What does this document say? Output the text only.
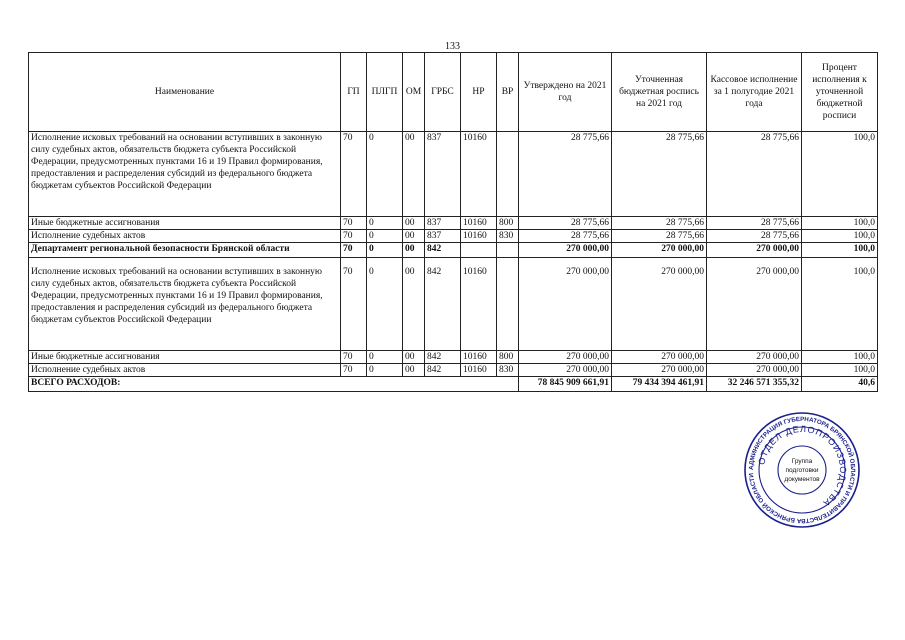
133
Наименование	ГП	ПЛГП	ОМ	ГРБС	НР	ВР	Утверждено на 2021 год	Уточненная бюджетная роспись на 2021 год	Кассовое исполнение за 1 полугодие 2021 года	Процент исполнения к уточненной бюджетной росписи
Исполнение исковых требований на основании вступивших в законную силу судебных актов, обязательств бюджета субъекта Российской Федерации, предусмотренных пунктами 16 и 19 Правил формирования, предоставления и распределения субсидий из федерального бюджета бюджетам субъектов Российской Федерации	70	0	00	837	10160		28 775,66	28 775,66	28 775,66	100,0
Иные бюджетные ассигнования	70	0	00	837	10160	800	28 775,66	28 775,66	28 775,66	100,0
Исполнение судебных актов	70	0	00	837	10160	830	28 775,66	28 775,66	28 775,66	100,0
Департамент региональной безопасности Брянской области	70	0	00	842			270 000,00	270 000,00	270 000,00	100,0
Исполнение исковых требований на основании вступивших в законную силу судебных актов, обязательств бюджета субъекта Российской Федерации, предусмотренных пунктами 16 и 19 Правил формирования, предоставления и распределения субсидий из федерального бюджета бюджетам субъектов Российской Федерации	70	0	00	842	10160		270 000,00	270 000,00	270 000,00	100,0
Иные бюджетные ассигнования	70	0	00	842	10160	800	270 000,00	270 000,00	270 000,00	100,0
Исполнение судебных актов	70	0	00	842	10160	830	270 000,00	270 000,00	270 000,00	100,0
ВСЕГО РАСХОДОВ:							78 845 909 661,91	79 434 394 461,91	32 246 571 355,32	40,6
АДМИНИСТРАЦИЯ ГУБЕРНАТОРА БРЯНСКОЙ ОБЛАСТИ И ПРАВИТЕЛЬСТВА БРЯНСКОЙ ОБЛАСТИ
ОТДЕЛ ДЕЛОПРОИЗВОДСТВА
Группа
подготовки
документов
